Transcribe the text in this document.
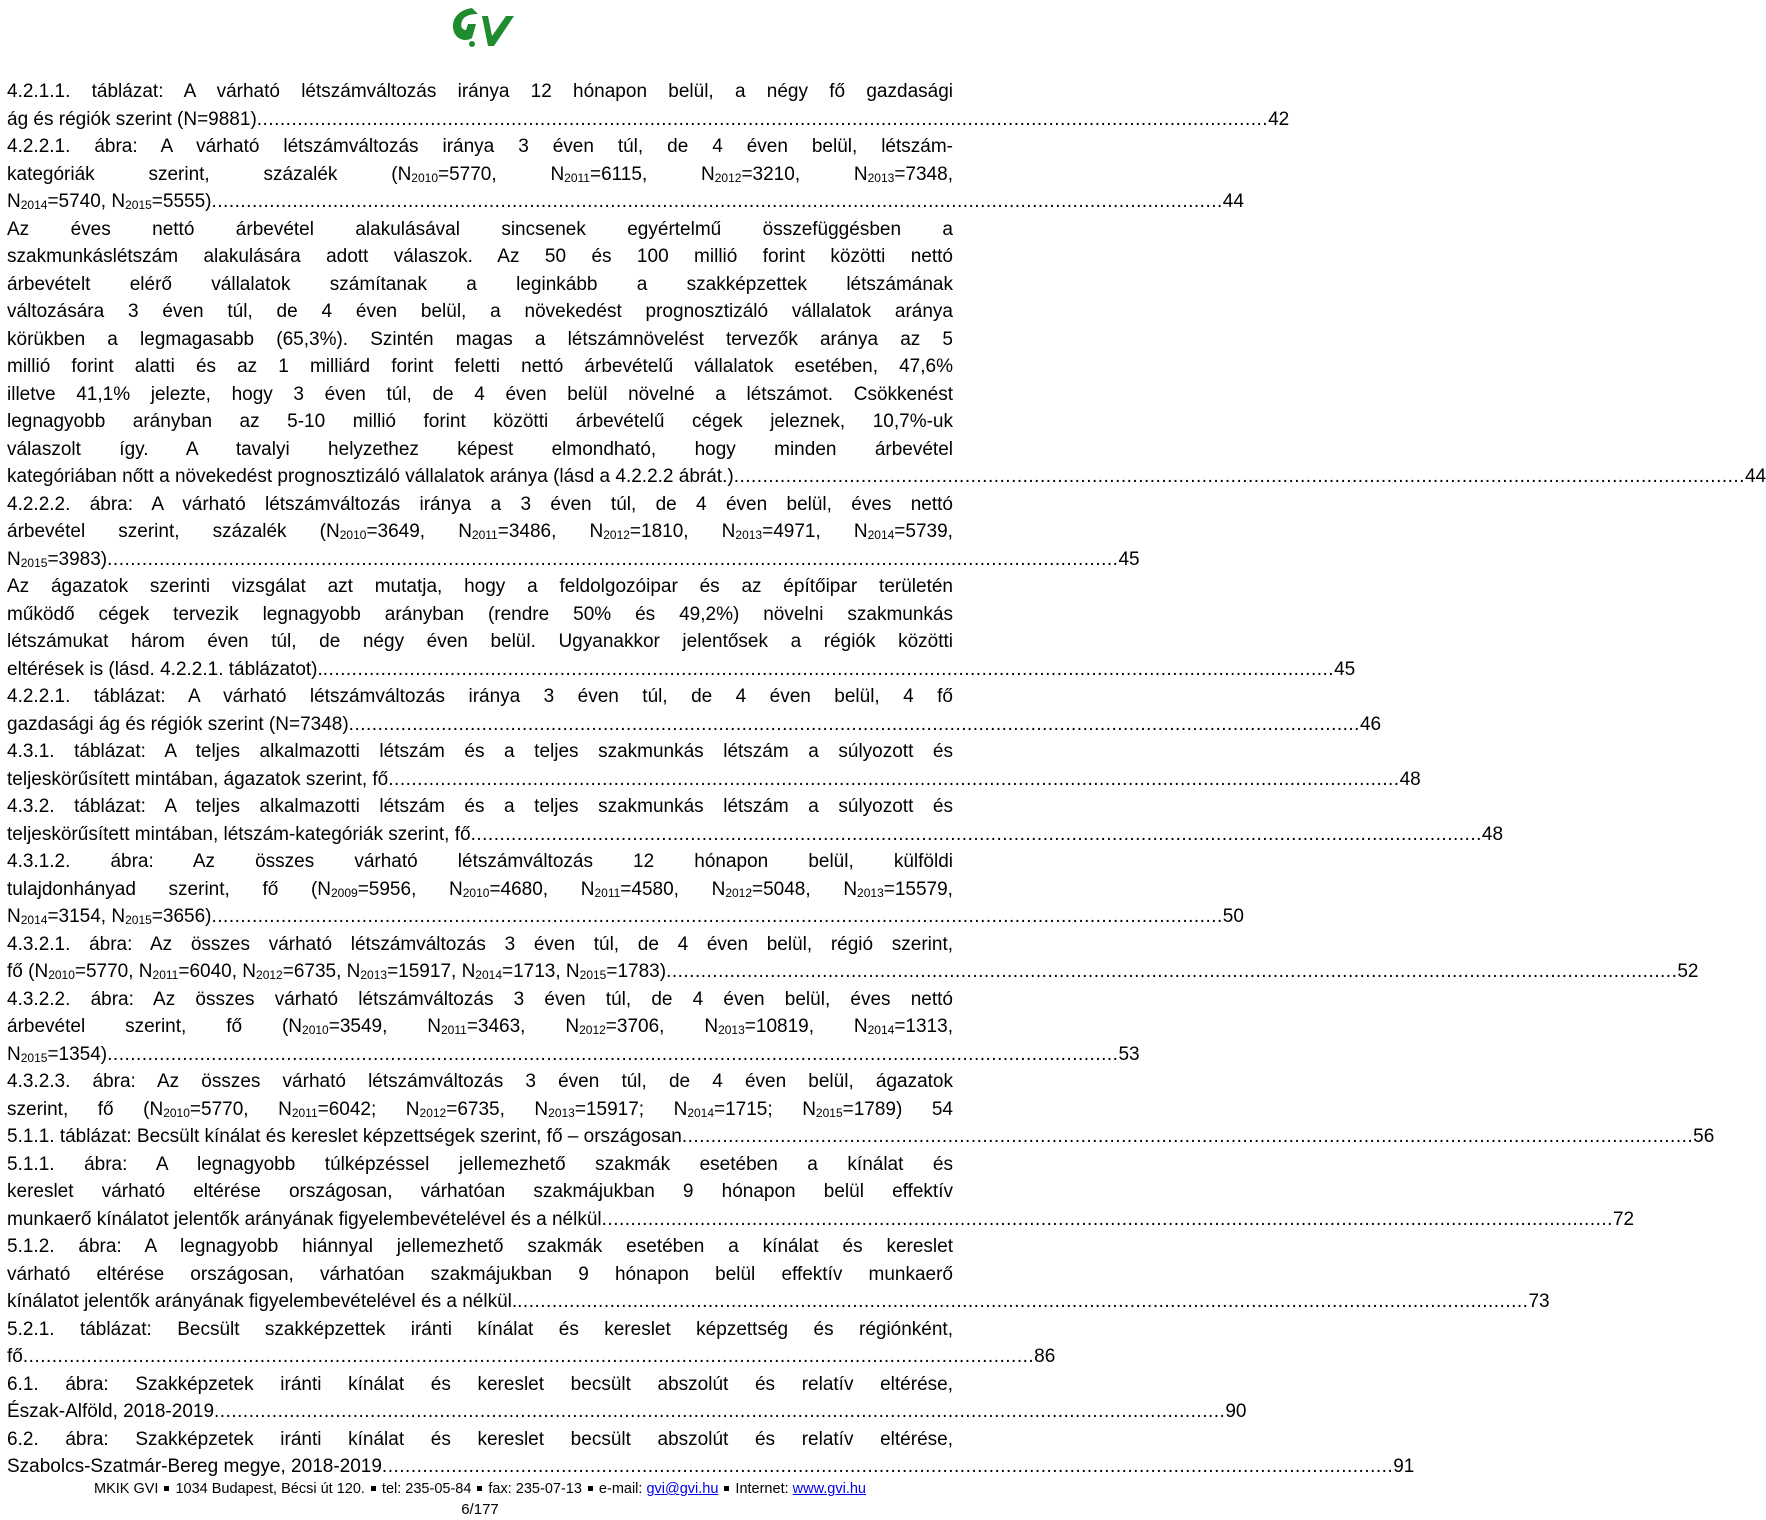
4.2.1.1. táblázat: A várható létszámváltozás iránya 12 hónapon belül, a négy fő gazdasági
ág és régiók szerint (N=9881) ............................................................................................................................................................................... 42
4.2.2.1. ábra: A várható létszámváltozás iránya 3 éven túl, de 4 éven belül, létszám-
kategóriák szerint, százalék ($N_{2010}=5770$, $N_{2011}=6115$, $N_{2012}=3210$, $N_{2013}=7348$,
$N_{2014}=5740$, $N_{2015}=5555$) ............................................................................................................................................................................... 44
Az éves nettó árbevétel alakulásával sincsenek egyértelmű összefüggésben a
szakmunkáslétszám alakulására adott válaszok. Az 50 és 100 millió forint közötti nettó
árbevételt elérő vállalatok számítanak a leginkább a szakképzettek létszámának
változására 3 éven túl, de 4 éven belül, a növekedést prognosztizáló vállalatok aránya
körükben a legmagasabb (65,3%). Szintén magas a létszámnövelést tervezők aránya az 5
millió forint alatti és az 1 milliárd forint feletti nettó árbevételű vállalatok esetében, 47,6%
illetve 41,1% jelezte, hogy 3 éven túl, de 4 éven belül növelné a létszámot. Csökkenést
legnagyobb arányban az 5-10 millió forint közötti árbevételű cégek jeleznek, 10,7%-uk
válaszolt így. A tavalyi helyzethez képest elmondható, hogy minden árbevétel
kategóriában nőtt a növekedést prognosztizáló vállalatok aránya (lásd a 4.2.2.2 ábrát.) ............................................................................................................................................................................... 44
4.2.2.2. ábra: A várható létszámváltozás iránya a 3 éven túl, de 4 éven belül, éves nettó
árbevétel szerint, százalék ($N_{2010}=3649$, $N_{2011}=3486$, $N_{2012}=1810$, $N_{2013}=4971$, $N_{2014}=5739$,
$N_{2015}=3983$) ............................................................................................................................................................................... 45
Az ágazatok szerinti vizsgálat azt mutatja, hogy a feldolgozóipar és az építőipar területén
működő cégek tervezik legnagyobb arányban (rendre 50% és 49,2%) növelni szakmunkás
létszámukat három éven túl, de négy éven belül. Ugyanakkor jelentősek a régiók közötti
eltérések is (lásd. 4.2.2.1. táblázatot). ............................................................................................................................................................................... 45
4.2.2.1. táblázat: A várható létszámváltozás iránya 3 éven túl, de 4 éven belül, 4 fő
gazdasági ág és régiók szerint (N=7348) ............................................................................................................................................................................... 46
4.3.1. táblázat: A teljes alkalmazotti létszám és a teljes szakmunkás létszám a súlyozott és
teljeskörűsített mintában, ágazatok szerint, fő ............................................................................................................................................................................... 48
4.3.2. táblázat: A teljes alkalmazotti létszám és a teljes szakmunkás létszám a súlyozott és
teljeskörűsített mintában, létszám-kategóriák szerint, fő ............................................................................................................................................................................... 48
4.3.1.2. ábra: Az összes várható létszámváltozás 12 hónapon belül, külföldi
tulajdonhányad szerint, fő ($N_{2009}=5956$, $N_{2010}=4680$, $N_{2011}=4580$, $N_{2012}=5048$, $N_{2013}=15579$,
$N_{2014}=3154$, $N_{2015}=3656$) ............................................................................................................................................................................... 50
4.3.2.1. ábra: Az összes várható létszámváltozás 3 éven túl, de 4 éven belül, régió szerint,
fő ($N_{2010}=5770$, $N_{2011}=6040$, $N_{2012}=6735$, $N_{2013}=15917$, $N_{2014}=1713$, $N_{2015}=1783$) ............................................................................................................................................................................... 52
4.3.2.2. ábra: Az összes várható létszámváltozás 3 éven túl, de 4 éven belül, éves nettó
árbevétel szerint, fő ($N_{2010}=3549$, $N_{2011}=3463$, $N_{2012}=3706$, $N_{2013}=10819$, $N_{2014}=1313$,
$N_{2015}=1354$) ............................................................................................................................................................................... 53
4.3.2.3. ábra: Az összes várható létszámváltozás 3 éven túl, de 4 éven belül, ágazatok
szerint, fő ($N_{2010}=5770$, $N_{2011}=6042$; $N_{2012}=6735$, $N_{2013}=15917$; $N_{2014}=1715$; $N_{2015}=1789$) 54
5.1.1. táblázat: Becsült kínálat és kereslet képzettségek szerint, fő – országosan ............................................................................................................................................................................... 56
5.1.1. ábra: A legnagyobb túlképzéssel jellemezhető szakmák esetében a kínálat és
kereslet várható eltérése országosan, várhatóan szakmájukban 9 hónapon belül effektív
munkaerő kínálatot jelentők arányának figyelembevételével és a nélkül ............................................................................................................................................................................... 72
5.1.2. ábra: A legnagyobb hiánnyal jellemezhető szakmák esetében a kínálat és kereslet
várható eltérése országosan, várhatóan szakmájukban 9 hónapon belül effektív munkaerő
kínálatot jelentők arányának figyelembevételével és a nélkül. ............................................................................................................................................................................... 73
5.2.1. táblázat: Becsült szakképzettek iránti kínálat és kereslet képzettség és régiónként,
fő ............................................................................................................................................................................... 86
6.1. ábra: Szakképzetek iránti kínálat és kereslet becsült abszolút és relatív eltérése,
Észak-Alföld, 2018-2019 ............................................................................................................................................................................... 90
6.2. ábra: Szakképzetek iránti kínálat és kereslet becsült abszolút és relatív eltérése,
Szabolcs-Szatmár-Bereg megye, 2018-2019 ............................................................................................................................................................................... 91
MKIK GVI 1034 Budapest, Bécsi út 120. tel: 235-05-84 fax: 235-07-13 e-mail: gvi@gvi.hu Internet: www.gvi.hu
6/177
